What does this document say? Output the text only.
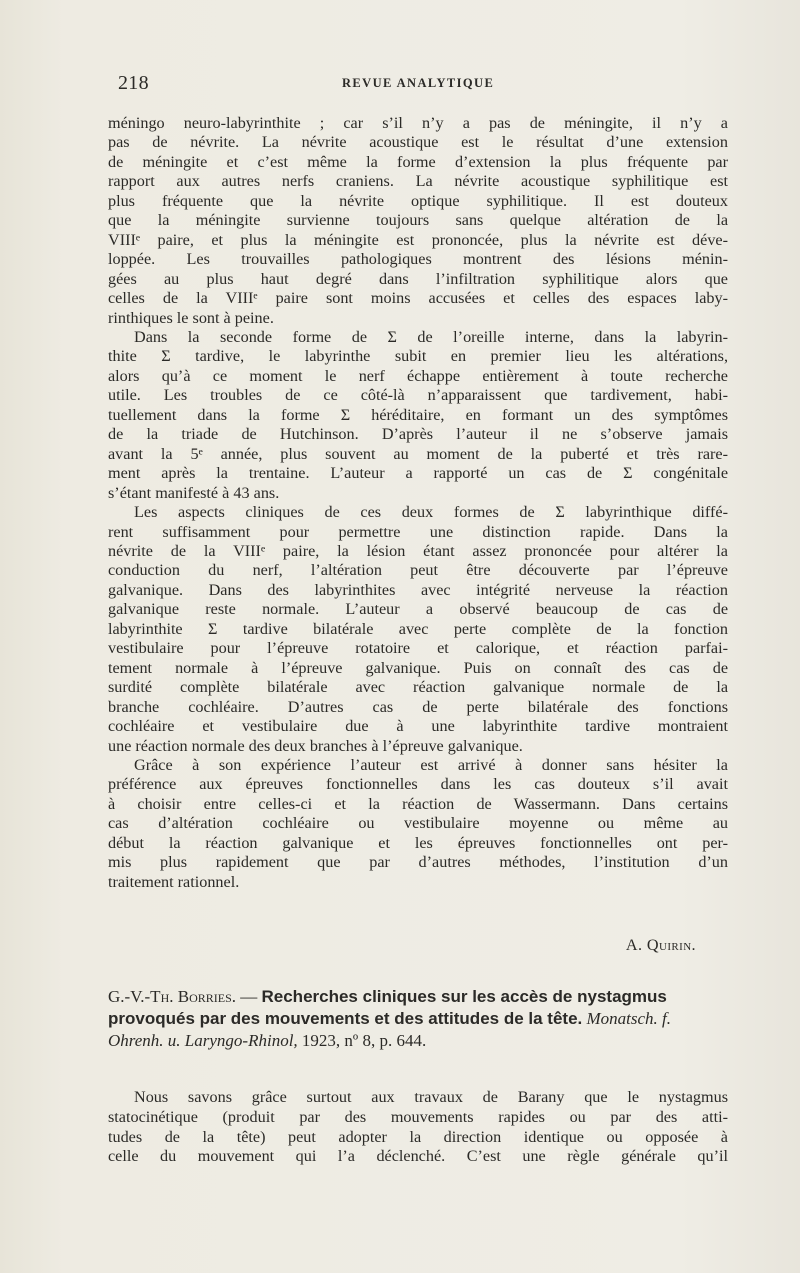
218	REVUE ANALYTIQUE
méningo neuro-labyrinthite ; car s’il n’y a pas de méningite, il n’y a
pas de névrite. La névrite acoustique est le résultat d’une extension
de méningite et c’est même la forme d’extension la plus fréquente par
rapport aux autres nerfs craniens. La névrite acoustique syphilitique est
plus fréquente que la névrite optique syphilitique. Il est douteux
que la méningite survienne toujours sans quelque altération de la
VIIIᵉ paire, et plus la méningite est prononcée, plus la névrite est déve-
loppée. Les trouvailles pathologiques montrent des lésions ménin-
gées au plus haut degré dans l’infiltration syphilitique alors que
celles de la VIIIᵉ paire sont moins accusées et celles des espaces laby-
rinthiques le sont à peine.
Dans la seconde forme de Σ de l’oreille interne, dans la labyrin-
thite Σ tardive, le labyrinthe subit en premier lieu les altérations,
alors qu’à ce moment le nerf échappe entièrement à toute recherche
utile. Les troubles de ce côté-là n’apparaissent que tardivement, habi-
tuellement dans la forme Σ héréditaire, en formant un des symptômes
de la triade de Hutchinson. D’après l’auteur il ne s’observe jamais
avant la 5ᵉ année, plus souvent au moment de la puberté et très rare-
ment après la trentaine. L’auteur a rapporté un cas de Σ congénitale
s’étant manifesté à 43 ans.
Les aspects cliniques de ces deux formes de Σ labyrinthique diffé-
rent suffisamment pour permettre une distinction rapide. Dans la
névrite de la VIIIᵉ paire, la lésion étant assez prononcée pour altérer la
conduction du nerf, l’altération peut être découverte par l’épreuve
galvanique. Dans des labyrinthites avec intégrité nerveuse la réaction
galvanique reste normale. L’auteur a observé beaucoup de cas de
labyrinthite Σ tardive bilatérale avec perte complète de la fonction
vestibulaire pour l’épreuve rotatoire et calorique, et réaction parfai-
tement normale à l’épreuve galvanique. Puis on connaît des cas de
surdité complète bilatérale avec réaction galvanique normale de la
branche cochléaire. D’autres cas de perte bilatérale des fonctions
cochléaire et vestibulaire due à une labyrinthite tardive montraient
une réaction normale des deux branches à l’épreuve galvanique.
Grâce à son expérience l’auteur est arrivé à donner sans hésiter la
préférence aux épreuves fonctionnelles dans les cas douteux s’il avait
à choisir entre celles-ci et la réaction de Wassermann. Dans certains
cas d’altération cochléaire ou vestibulaire moyenne ou même au
début la réaction galvanique et les épreuves fonctionnelles ont per-
mis plus rapidement que par d’autres méthodes, l’institution d’un
traitement rationnel.
A. Quirin.
G.-V.-Th. Borries. — Recherches cliniques sur les accès de nystagmus provoqués par des mouvements et des attitudes de la tête. Monatsch. f. Ohrenh. u. Laryngo-Rhinol, 1923, nº 8, p. 644.
Nous savons grâce surtout aux travaux de Barany que le nystagmus
statocinétique (produit par des mouvements rapides ou par des atti-
tudes de la tête) peut adopter la direction identique ou opposée à
celle du mouvement qui l’a déclenché. C’est une règle générale qu’il
